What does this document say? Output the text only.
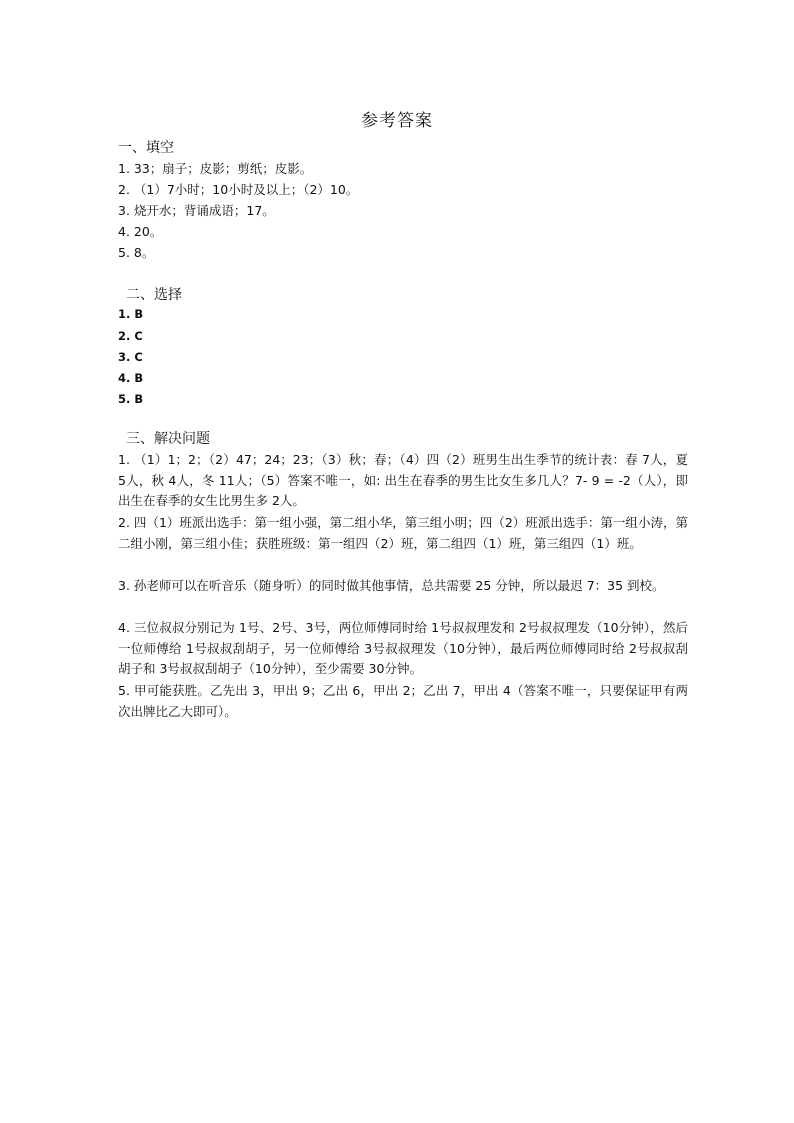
参考答案
一、填空
1. 33；扇子；皮影；剪纸；皮影。
2. （1）7小时；10小时及以上；（2）10。
3. 烧开水；背诵成语；17。
4. 20。
5. 8。
二、选择
1. B
2. C
3. C
4. B
5. B
三、解决问题
1. （1）1；2；（2）47；24；23；（3）秋；春；（4）四（2）班男生出生季节的统计表：春 7人，夏 5人，秋 4人，冬 11人；（5）答案不唯一，如: 出生在春季的男生比女生多几人？7- 9 = -2（人），即出生在春季的女生比男生多 2人。
2. 四（1）班派出选手：第一组小强，第二组小华，第三组小明；四（2）班派出选手：第一组小涛，第二组小刚，第三组小佳；获胜班级：第一组四（2）班，第二组四（1）班，第三组四（1）班。
3. 孙老师可以在听音乐（随身听）的同时做其他事情，总共需要 25 分钟，所以最迟 7：35 到校。
4. 三位叔叔分别记为 1号、2号、3号，两位师傅同时给 1号叔叔理发和 2号叔叔理发（10分钟），然后一位师傅给 1号叔叔刮胡子，另一位师傅给 3号叔叔理发（10分钟），最后两位师傅同时给 2号叔叔刮胡子和 3号叔叔刮胡子（10分钟），至少需要 30分钟。
5. 甲可能获胜。乙先出 3，甲出 9；乙出 6，甲出 2；乙出 7，甲出 4（答案不唯一，只要保证甲有两次出牌比乙大即可）。
